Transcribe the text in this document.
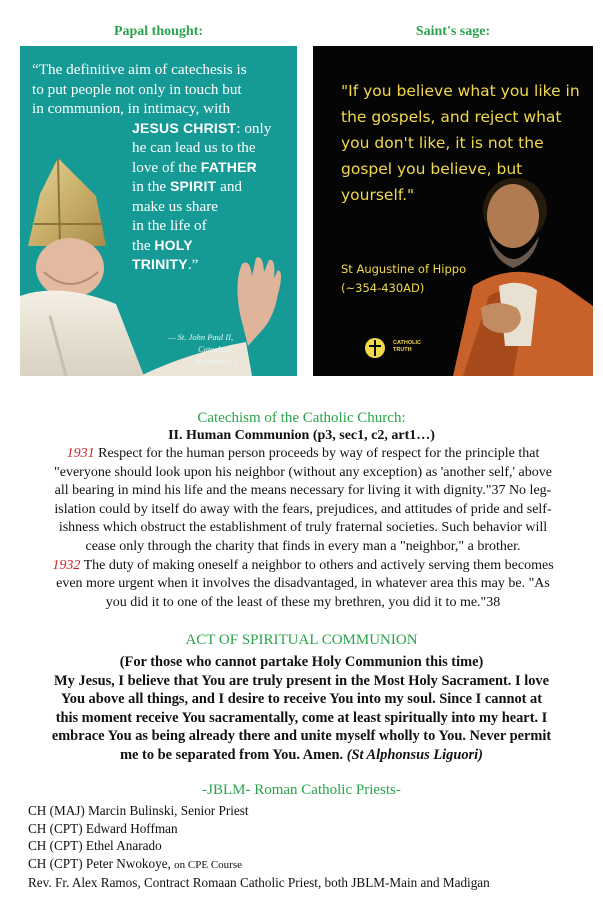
Papal thought:	Saint's sage:
“The definitive aim of catechesis is
to put people not only in touch but
in communion, in intimacy, with
JESUS CHRIST: only
he can lead us to the
love of the FATHER
in the SPIRIT and
make us share
in the life of
the HOLY
TRINITY.”
— St. John Paul II,
Catechesi
Tradendae, 5
"If you believe what you like in
the gospels, and reject what
you don't like, it is not the
gospel you believe, but
yourself."
St Augustine of Hippo
(~354-430AD)
CATHOLIC
TRUTH
Catechism of the Catholic Church:
II. Human Communion (p3, sec1, c2, art1…)
1931 Respect for the human person proceeds by way of respect for the principle that
"everyone should look upon his neighbor (without any exception) as 'another self,' above
all bearing in mind his life and the means necessary for living it with dignity."37 No leg-
islation could by itself do away with the fears, prejudices, and attitudes of pride and self-
ishness which obstruct the establishment of truly fraternal societies. Such behavior will
cease only through the charity that finds in every man a "neighbor," a brother.
1932 The duty of making oneself a neighbor to others and actively serving them becomes
even more urgent when it involves the disadvantaged, in whatever area this may be. "As
you did it to one of the least of these my brethren, you did it to me."38
ACT OF SPIRITUAL COMMUNION
(For those who cannot partake Holy Communion this time)
My Jesus, I believe that You are truly present in the Most Holy Sacrament. I love
You above all things, and I desire to receive You into my soul. Since I cannot at
this moment receive You sacramentally, come at least spiritually into my heart. I
embrace You as being already there and unite myself wholly to You. Never permit
me to be separated from You. Amen. (St Alphonsus Liguori)
-JBLM- Roman Catholic Priests-
CH (MAJ) Marcin Bulinski, Senior Priest
CH (CPT) Edward Hoffman
CH (CPT) Ethel Anarado
CH (CPT) Peter Nwokoye, on CPE Course
Rev. Fr. Alex Ramos, Contract Romaan Catholic Priest, both JBLM-Main and Madigan
